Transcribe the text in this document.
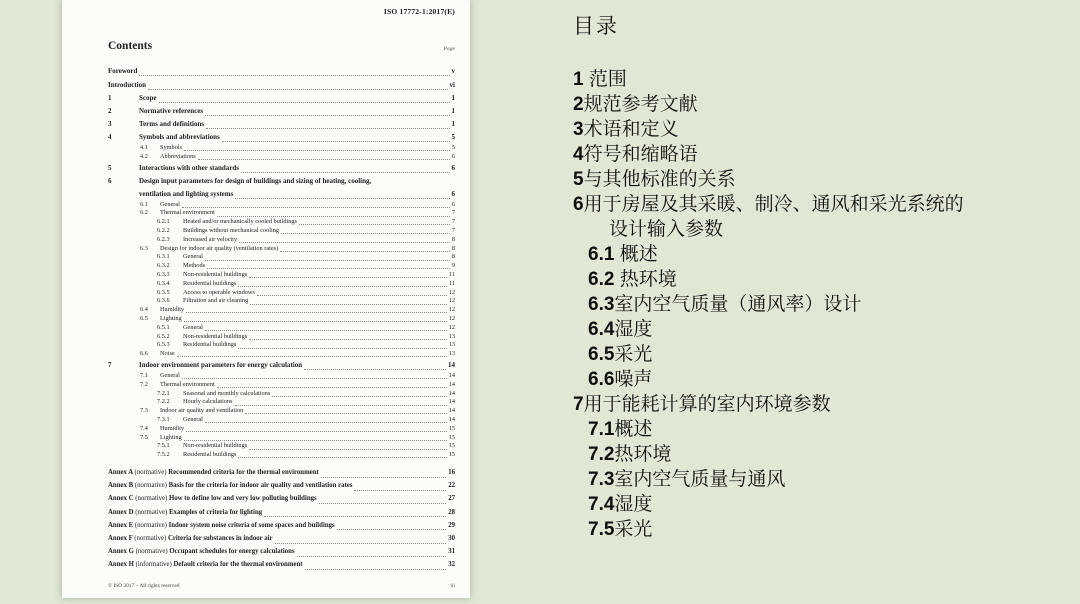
ISO 17772-1:2017(E)
Contents	Page
Foreword	v
Introduction	vi
1	Scope	1
2	Normative references	1
3	Terms and definitions	1
4	Symbols and abbreviations	5
4.1	Symbols	5
4.2	Abbreviations	6
5	Interactions with other standards	6
6	Design input parameters for design of buildings and sizing of heating, cooling,
ventilation and lighting systems	6
6.1	General	6
6.2	Thermal environment	7
6.2.1	Heated and/or mechanically cooled buildings	7
6.2.2	Buildings without mechanical cooling	7
6.2.3	Increased air velocity	8
6.3	Design for indoor air quality (ventilation rates)	8
6.3.1	General	8
6.3.2	Methods	9
6.3.3	Non-residential buildings	11
6.3.4	Residential buildings	11
6.3.5	Access to operable windows	12
6.3.6	Filtration and air cleaning	12
6.4	Humidity	12
6.5	Lighting	12
6.5.1	General	12
6.5.2	Non-residential buildings	13
6.5.3	Residential buildings	13
6.6	Noise	13
7	Indoor environment parameters for energy calculation	14
7.1	General	14
7.2	Thermal environment	14
7.2.1	Seasonal and monthly calculations	14
7.2.2	Hourly calculations	14
7.3	Indoor air quality and ventilation	14
7.3.1	General	14
7.4	Humidity	15
7.5	Lighting	15
7.5.1	Non-residential buildings	15
7.5.2	Residential buildings	15
Annex A (normative) Recommended criteria for the thermal environment	16
Annex B (normative) Basis for the criteria for indoor air quality and ventilation rates	22
Annex C (normative) How to define low and very low polluting buildings	27
Annex D (normative) Examples of criteria for lighting	28
Annex E (normative) Indoor system noise criteria of some spaces and buildings	29
Annex F (normative) Criteria for substances in indoor air	30
Annex G (normative) Occupant schedules for energy calculations	31
Annex H (informative) Default criteria for the thermal environment	32
© ISO 2017 – All rights reserved	iii
目录
1 范围
2规范参考文献
3术语和定义
4符号和缩略语
5与其他标准的关系
6用于房屋及其采暖、制冷、通风和采光系统的
设计输入参数
6.1 概述
6.2 热环境
6.3室内空气质量（通风率）设计
6.4湿度
6.5采光
6.6噪声
7用于能耗计算的室内环境参数
7.1概述
7.2热环境
7.3室内空气质量与通风
7.4湿度
7.5采光
